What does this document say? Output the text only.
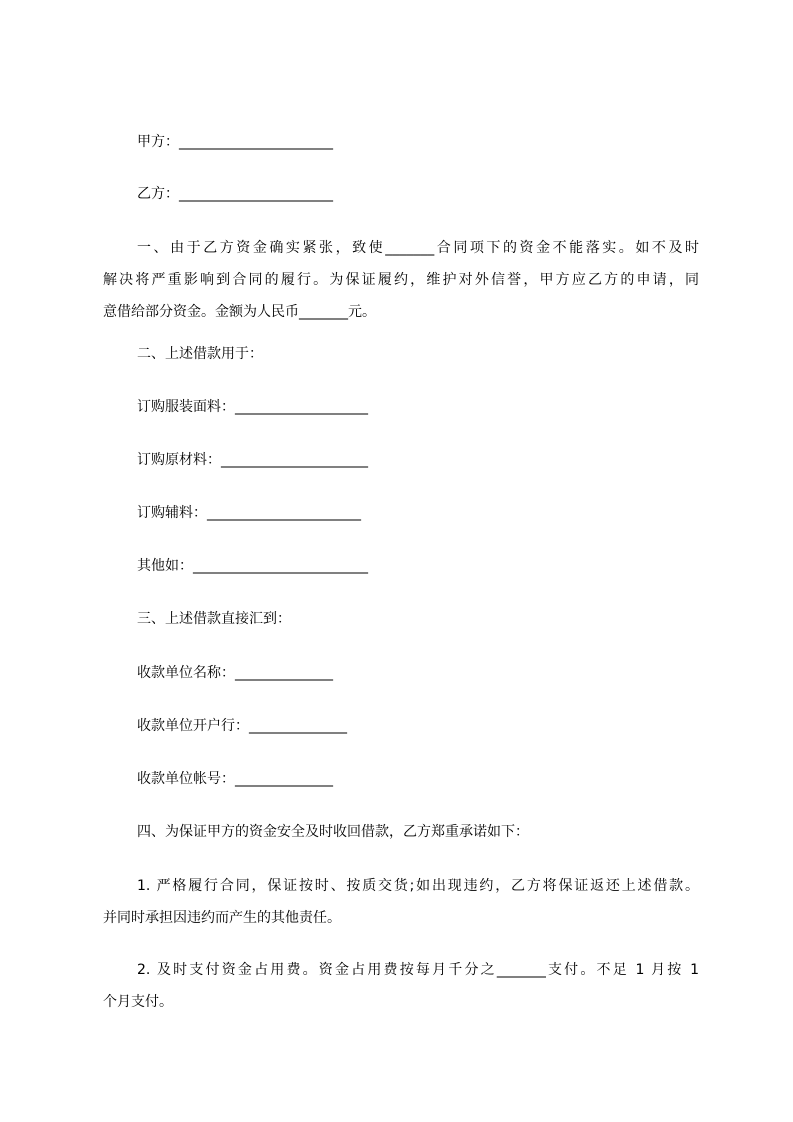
甲方：______________________
乙方：______________________

一、由于乙方资金确实紧张，致使_______合同项下的资金不能落实。如不及时

解决将严重影响到合同的履行。为保证履约，维护对外信誉，甲方应乙方的申请，同

意借给部分资金。金额为人民币_______元。

二、上述借款用于：
订购服装面料：___________________
订购原材料：_____________________
订购辅料：______________________
其他如：_________________________
三、上述借款直接汇到：
收款单位名称：______________
收款单位开户行：______________
收款单位帐号：______________
四、为保证甲方的资金安全及时收回借款，乙方郑重承诺如下：

1. 严格履行合同，保证按时、按质交货;如出现违约，乙方将保证返还上述借款。

并同时承担因违约而产生的其他责任。

2. 及时支付资金占用费。资金占用费按每月千分之_______支付。不足 1 月按 1

个月支付。
